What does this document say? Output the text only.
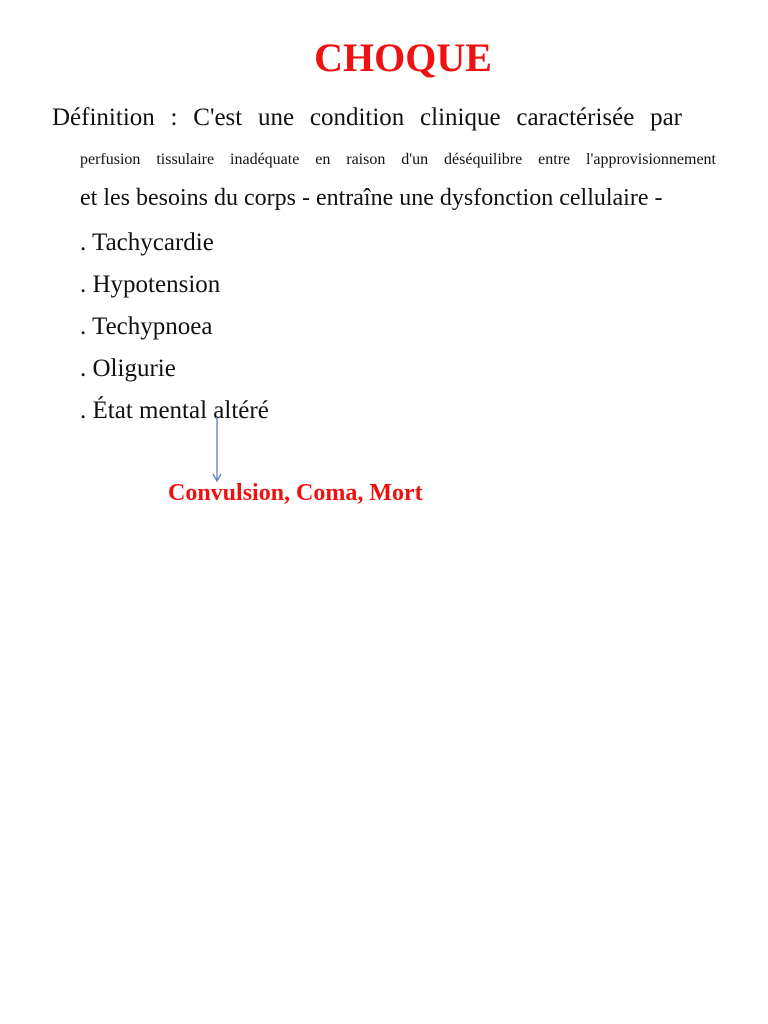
CHOQUE
Définition : C'est une condition clinique caractérisée par
perfusion tissulaire inadéquate en raison d'un déséquilibre entre l'approvisionnement
et les besoins du corps - entraîne une dysfonction cellulaire -
. Tachycardie
. Hypotension
. Techypnoea
. Oligurie
. État mental altéré
Convulsion, Coma, Mort
